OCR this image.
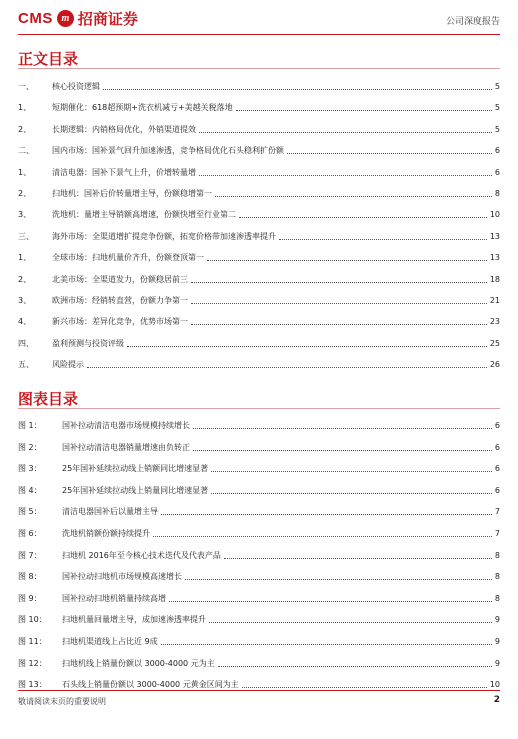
CMS m 招商证券	公司深度报告
正文目录
一、	核心投资逻辑	5
1、	短期催化：618超预期+洗衣机减亏+美越关税落地	5
2、	长期逻辑：内销格局优化，外销渠道提效	5
二、	国内市场：国补景气回升加速渗透，竞争格局优化石头稳利扩份额	6
1、	清洁电器：国补下景气上升，价增转量增	6
2、	扫地机：国补后价转量增主导，份额稳增第一	8
3、	洗地机：量增主导销额高增速，份额快增至行业第二	10
三、	海外市场：全渠道增扩提竞争份额，拓宽价格带加速渗透率提升	13
1、	全球市场：扫地机量价齐升，份额登顶第一	13
2、	北美市场：全渠道发力，份额稳居前三	18
3、	欧洲市场：经销转直营，份额力争第一	21
4、	新兴市场：差异化竞争，优势市场第一	23
四、	盈利预测与投资评级	25
五、	风险提示	26
图表目录
图 1：	国补拉动清洁电器市场规模持续增长	6
图 2：	国补拉动清洁电器销量增速由负转正	6
图 3：	25年国补延续拉动线上销额同比增速显著	6
图 4：	25年国补延续拉动线上销量同比增速显著	6
图 5：	清洁电器国补后以量增主导	7
图 6：	洗地机销额份额持续提升	7
图 7：	扫地机 2016年至今核心技术迭代及代表产品	8
图 8：	国补拉动扫地机市场规模高速增长	8
图 9：	国补拉动扫地机销量持续高增	8
图 10：	扫地机量回量增主导，成加速渗透率提升	9
图 11：	扫地机渠道线上占比近 9成	9
图 12：	扫地机线上销量份额以 3000-4000 元为主	9
图 13：	石头线上销量份额以 3000-4000 元黄金区间为主	10
敬请阅读末页的重要说明	2
